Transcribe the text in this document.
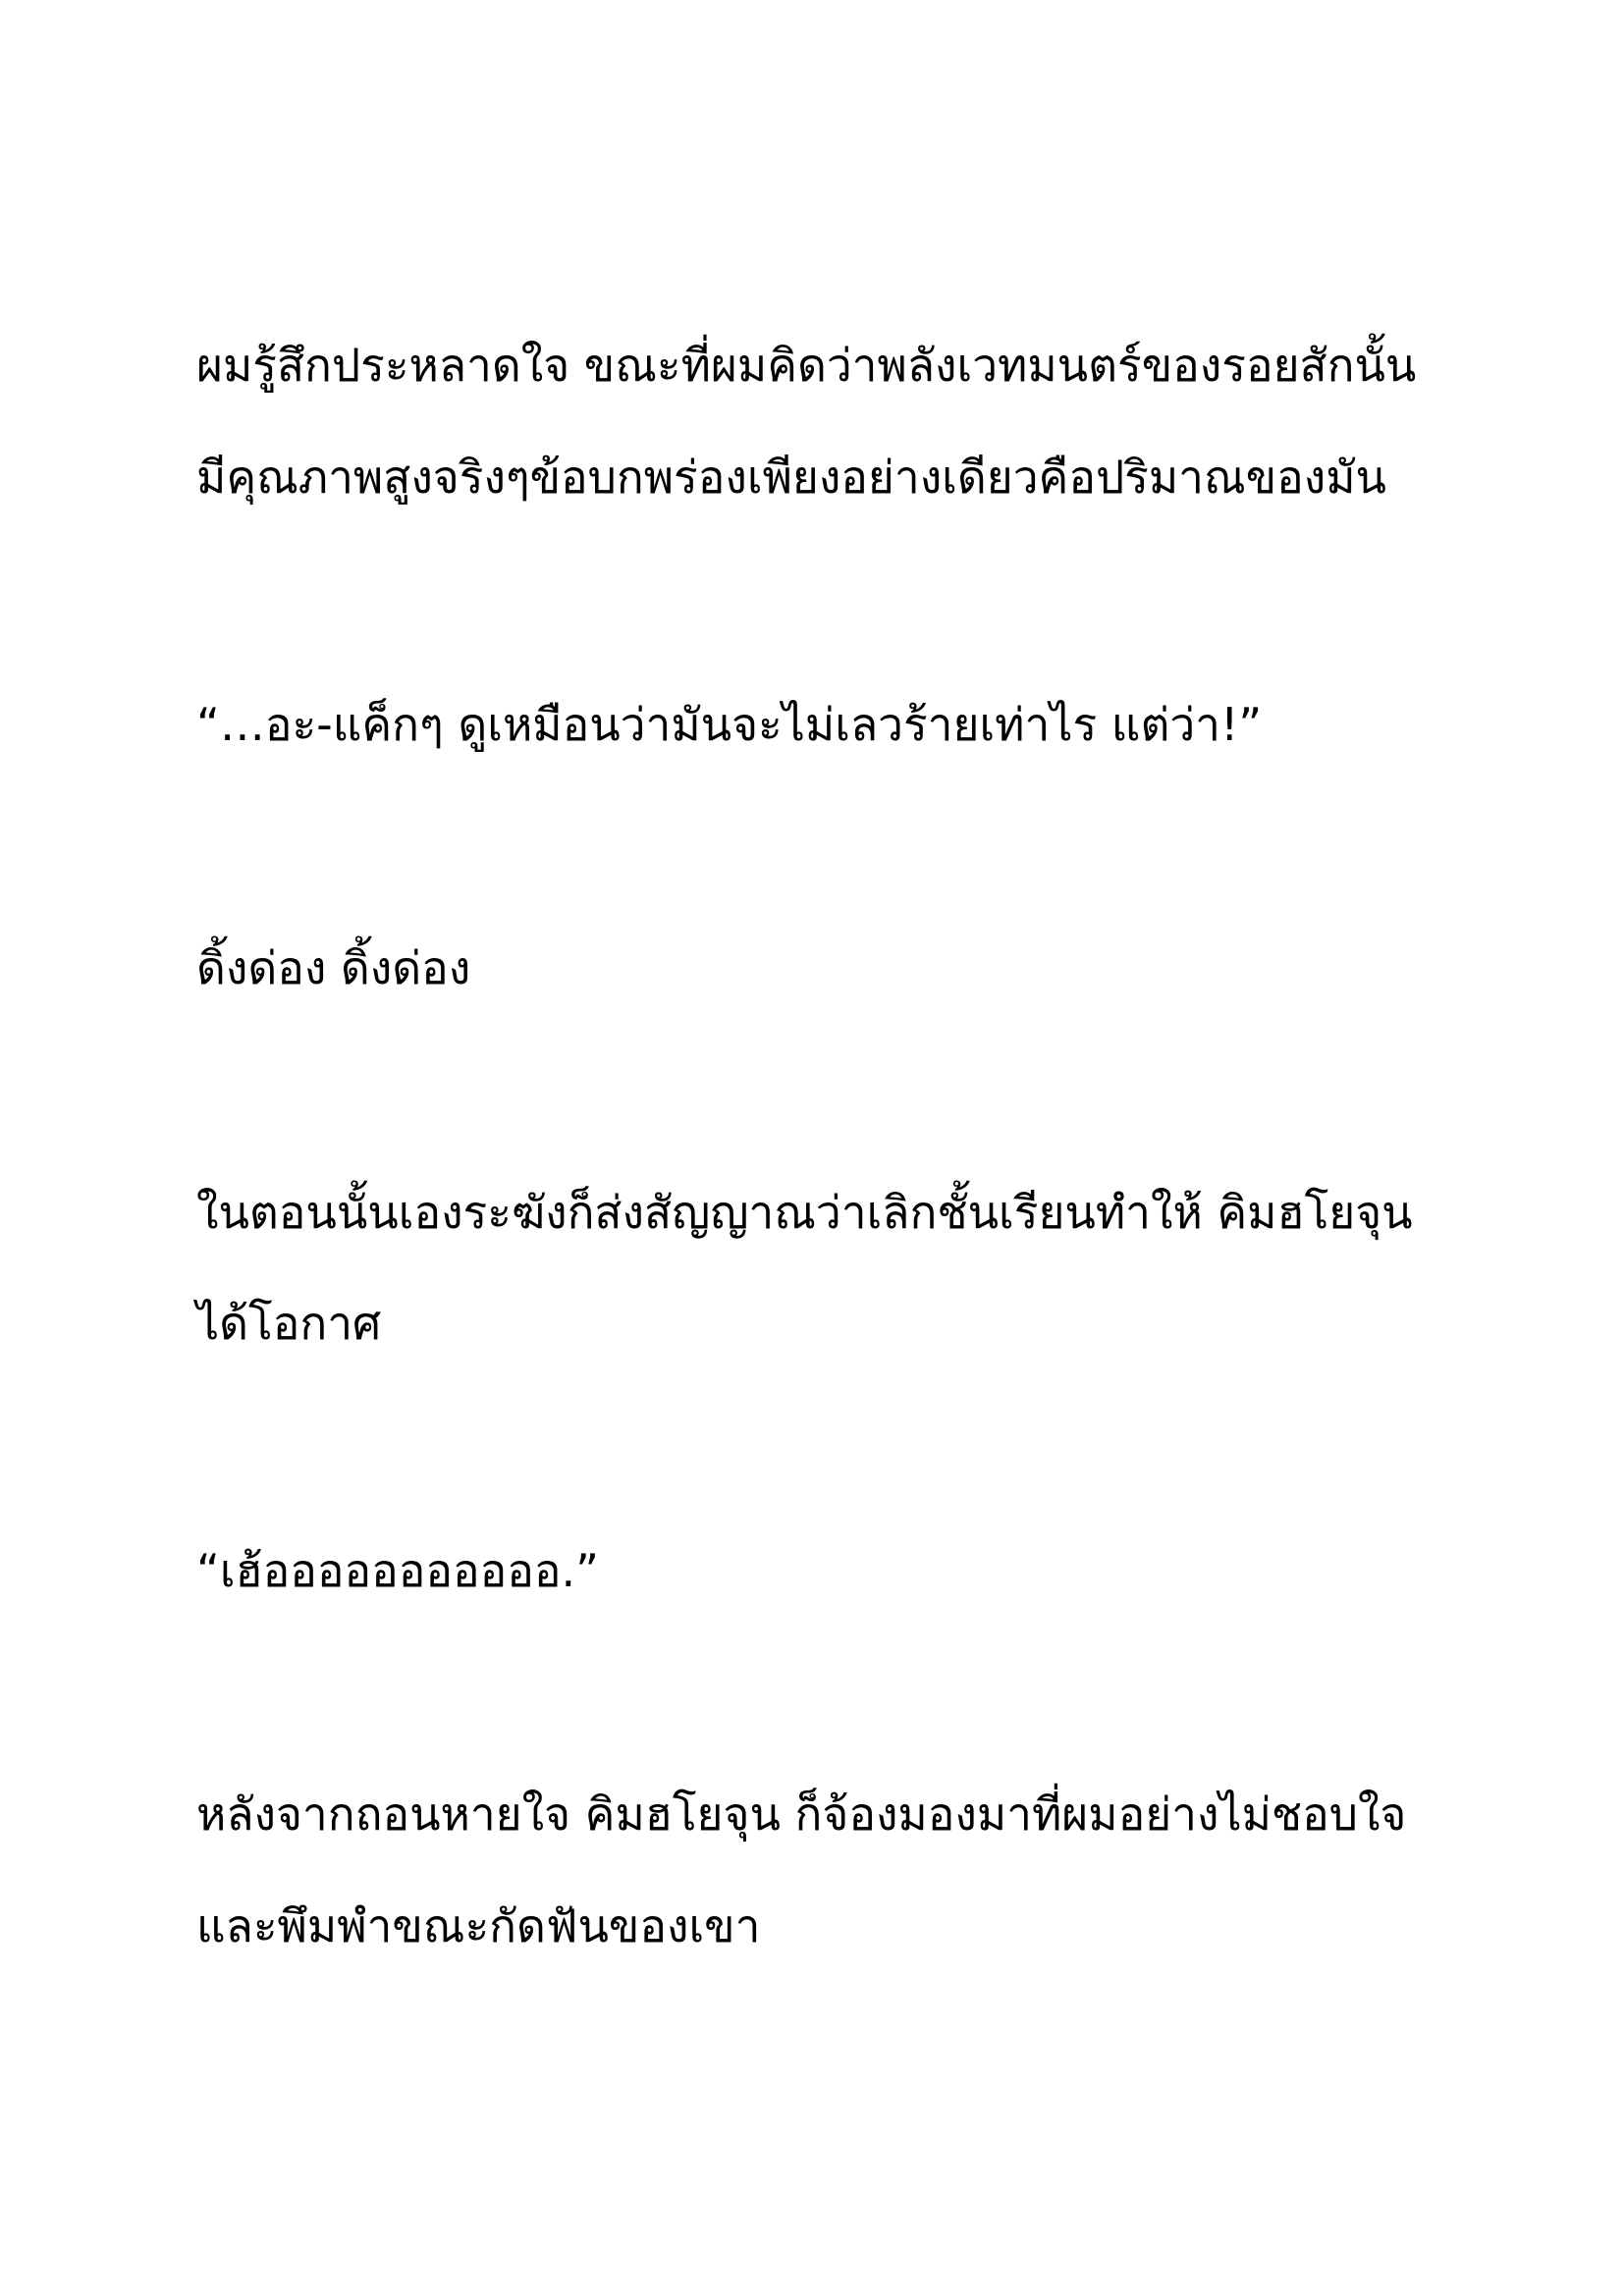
ผมรู้สึกประหลาดใจ ขณะที่ผมคิดว่าพลังเวทมนตร์ของรอยสักนั้น

มีคุณภาพสูงจริงๆข้อบกพร่องเพียงอย่างเดียวคือปริมาณของมัน

“…อะ-แค็กๆ ดูเหมือนว่ามันจะไม่เลวร้ายเท่าไร แต่ว่า!”

ดิ้งด่อง ดิ้งด่อง

ในตอนนั้นเองระฆังก็ส่งสัญญาณว่าเลิกชั้นเรียนทำให้ คิมฮโยจุน

ได้โอกาศ

“เฮ้อออออออออออ.”

หลังจากถอนหายใจ คิมฮโยจุน ก็จ้องมองมาที่ผมอย่างไม่ชอบใจ

และพึมพำขณะกัดฟันของเขา
